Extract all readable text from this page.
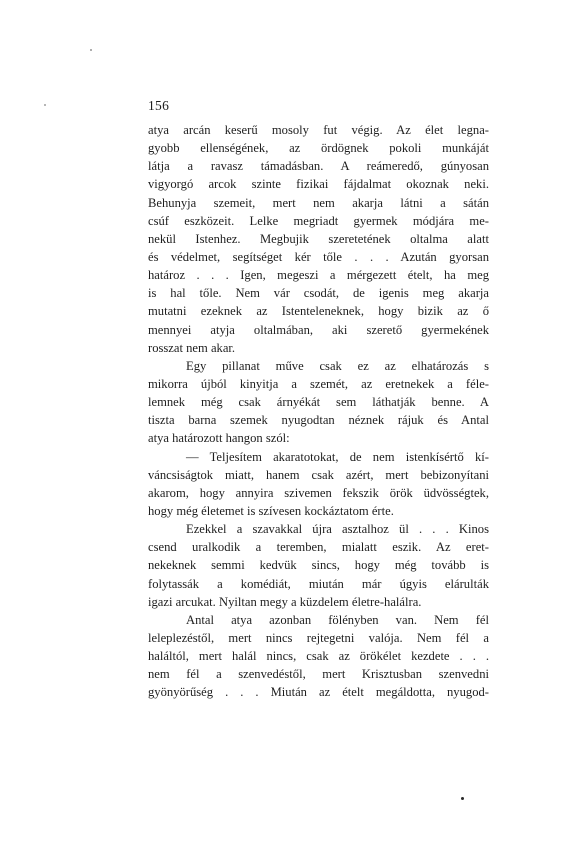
156
atya arcán keserű mosoly fut végig. Az élet legna-
gyobb ellenségének, az ördögnek pokoli munkáját
látja a ravasz támadásban. A reámeredő, gúnyosan
vigyorgó arcok szinte fizikai fájdalmat okoznak neki.
Behunyja szemeit, mert nem akarja látni a sátán
csúf eszközeit. Lelke megriadt gyermek módjára me-
nekül Istenhez. Megbujik szeretetének oltalma alatt
és védelmet, segítséget kér tőle . . . Azután gyorsan
határoz . . . Igen, megeszi a mérgezett ételt, ha meg
is hal tőle. Nem vár csodát, de igenis meg akarja
mutatni ezeknek az Istenteleneknek, hogy bizik az ő
mennyei atyja oltalmában, aki szerető gyermekének
rosszat nem akar.
Egy pillanat műve csak ez az elhatározás s
mikorra újból kinyitja a szemét, az eretnekek a féle-
lemnek még csak árnyékát sem láthatják benne. A
tiszta barna szemek nyugodtan néznek rájuk és Antal
atya határozott hangon szól:
— Teljesítem akaratotokat, de nem istenkísértő kí-
váncsiságtok miatt, hanem csak azért, mert bebizonyítani
akarom, hogy annyira szivemen fekszik örök üdvösségtek,
hogy még életemet is szívesen kockáztatom érte.
Ezekkel a szavakkal újra asztalhoz ül . . . Kinos
csend uralkodik a teremben, mialatt eszik. Az eret-
nekeknek semmi kedvük sincs, hogy még tovább is
folytassák a komédiát, miután már úgyis elárulták
igazi arcukat. Nyiltan megy a küzdelem életre-halálra.
Antal atya azonban fölényben van. Nem fél
leleplezéstől, mert nincs rejtegetni valója. Nem fél a
haláltól, mert halál nincs, csak az örökélet kezdete . . .
nem fél a szenvedéstől, mert Krisztusban szenvedni
gyönyörűség . . . Miután az ételt megáldotta, nyugod-
